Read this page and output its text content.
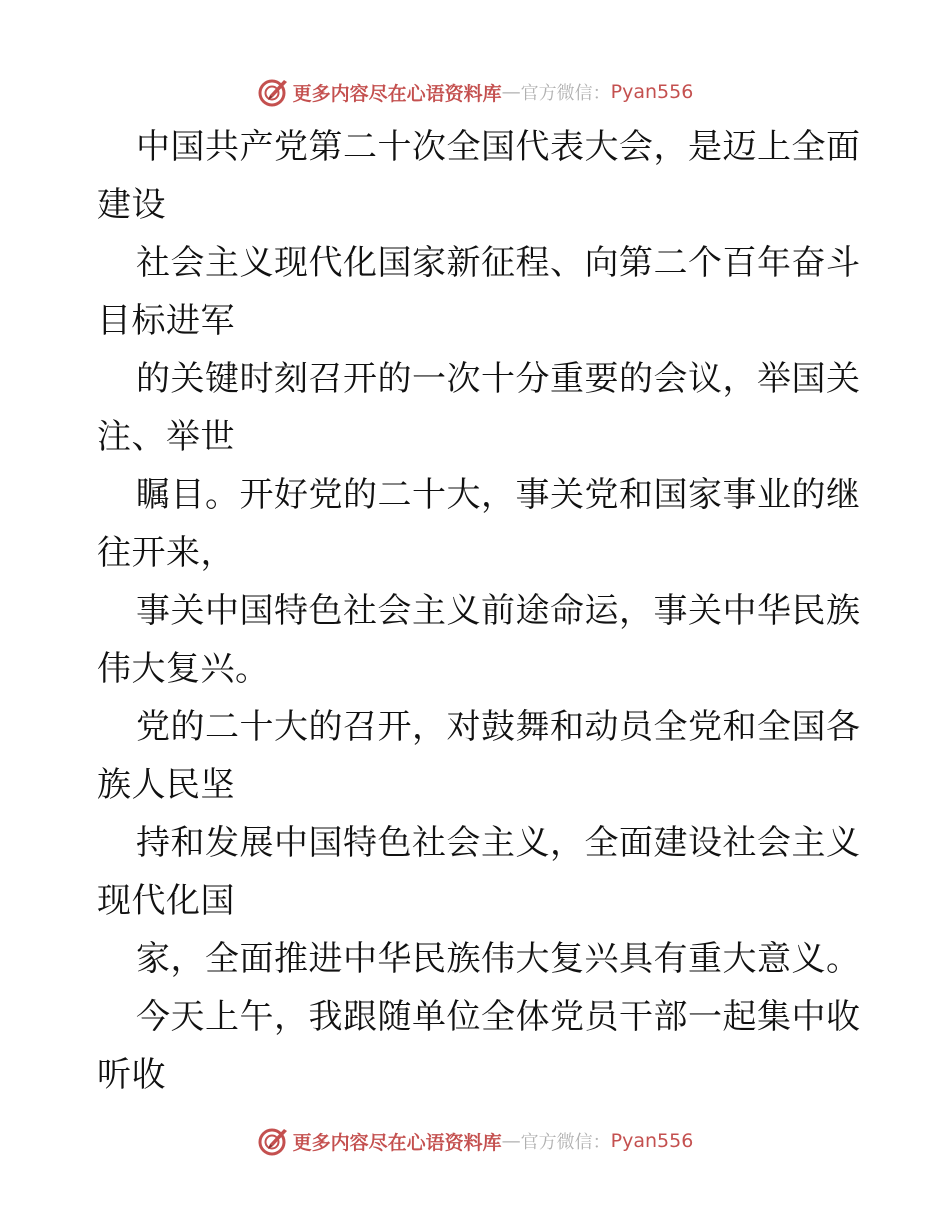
更多内容尽在心语资料库 — 官方微信： Pyan556
中国共产党第二十次全国代表大会，是迈上全面
建设
社会主义现代化国家新征程、向第二个百年奋斗
目标进军
的关键时刻召开的一次十分重要的会议，举国关
注、举世
瞩目。开好党的二十大，事关党和国家事业的继
往开来，
事关中国特色社会主义前途命运，事关中华民族
伟大复兴。
党的二十大的召开，对鼓舞和动员全党和全国各
族人民坚
持和发展中国特色社会主义，全面建设社会主义
现代化国
家，全面推进中华民族伟大复兴具有重大意义。
今天上午，我跟随单位全体党员干部一起集中收
听收
更多内容尽在心语资料库 — 官方微信： Pyan556
